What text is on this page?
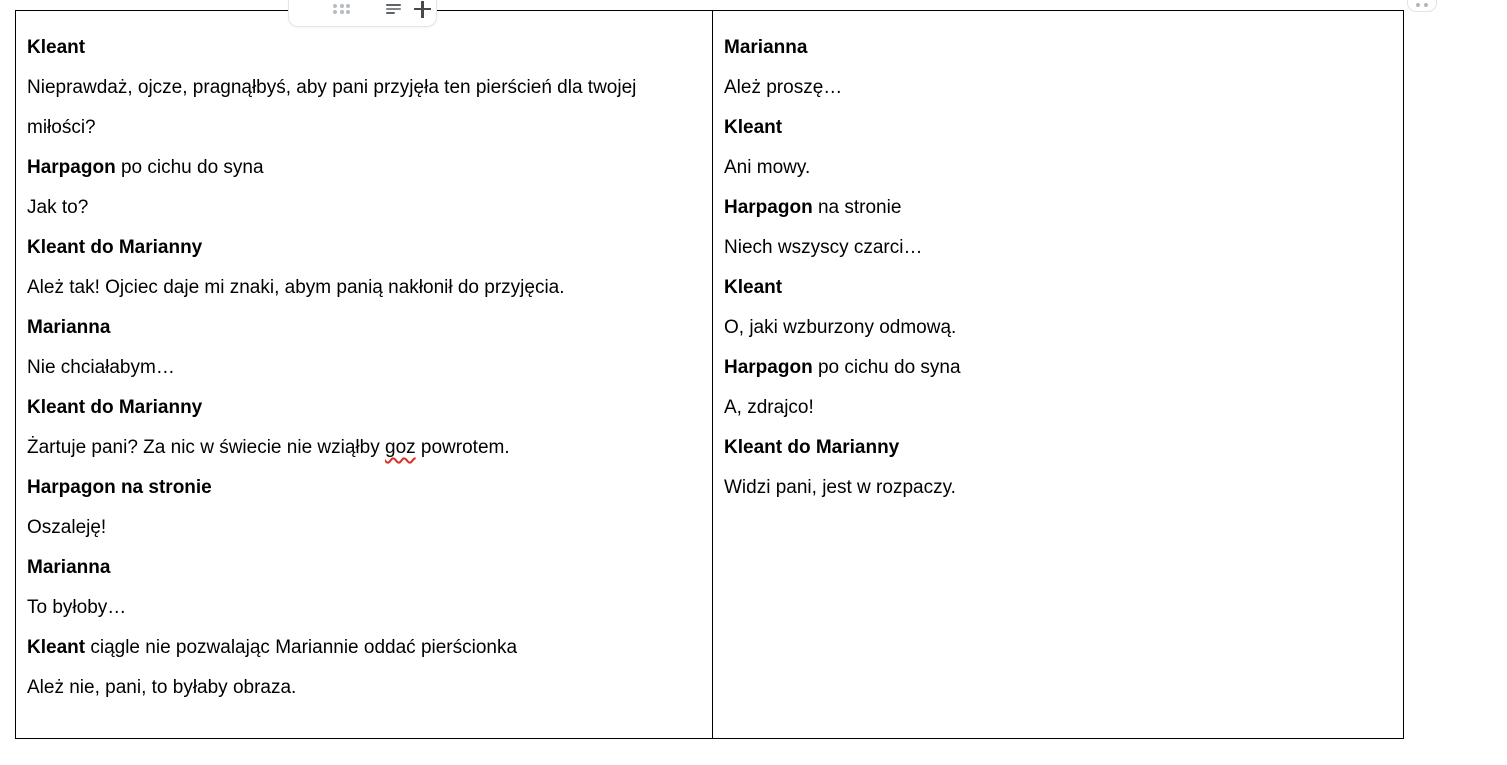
Kleant

Nieprawdaż, ojcze, pragnąłbyś, aby pani przyjęła ten pierścień dla twojej miłości?

Harpagon po cichu do syna

Jak to?

Kleant do Marianny

Ależ tak! Ojciec daje mi znaki, abym panią nakłonił do przyjęcia.

Marianna

Nie chciałabym…

Kleant do Marianny

Żartuje pani? Za nic w świecie nie wziąłby goz powrotem.

Harpagon na stronie

Oszaleję!

Marianna

To byłoby…

Kleant ciągle nie pozwalając Mariannie oddać pierścionka

Ależ nie, pani, to byłaby obraza.

Marianna

Ależ proszę…

Kleant

Ani mowy.

Harpagon na stronie

Niech wszyscy czarci…

Kleant

O, jaki wzburzony odmową.

Harpagon po cichu do syna

A, zdrajco!

Kleant do Marianny

Widzi pani, jest w rozpaczy.
